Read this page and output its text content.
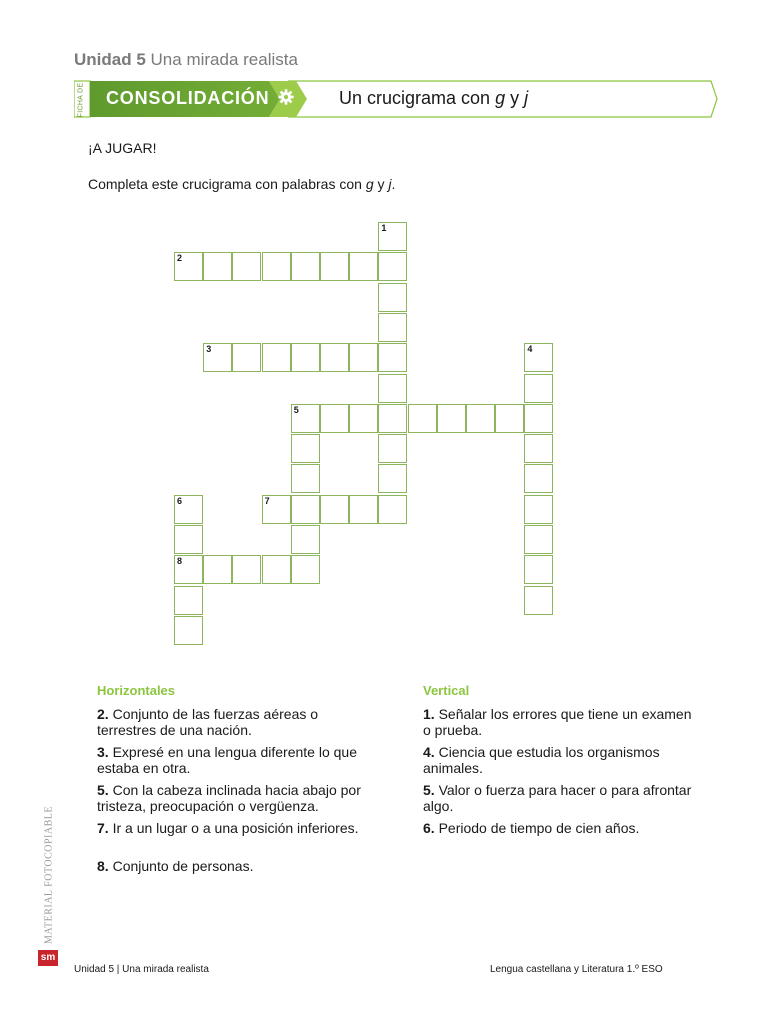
Unidad 5 Una mirada realista
FICHA DE CONSOLIDACIÓN	Un crucigrama con g y j
¡A JUGAR!
Completa este crucigrama con palabras con g y j.
1
2
3	4
5
6
8
7
Horizontales
2. Conjunto de las fuerzas aéreas o terrestres de una nación.
3. Expresé en una lengua diferente lo que estaba en otra.
5. Con la cabeza inclinada hacia abajo por tristeza, preocupación o vergüenza.
7. Ir a un lugar o a una posición inferiores.
8. Conjunto de personas.
Vertical
1. Señalar los errores que tiene un examen o prueba.
4. Ciencia que estudia los organismos animales.
5. Valor o fuerza para hacer o para afrontar algo.
6. Periodo de tiempo de cien años.
MATERIAL FOTOCOPIABLE
sm
Unidad 5 | Una mirada realista	Lengua castellana y Literatura 1.º ESO
